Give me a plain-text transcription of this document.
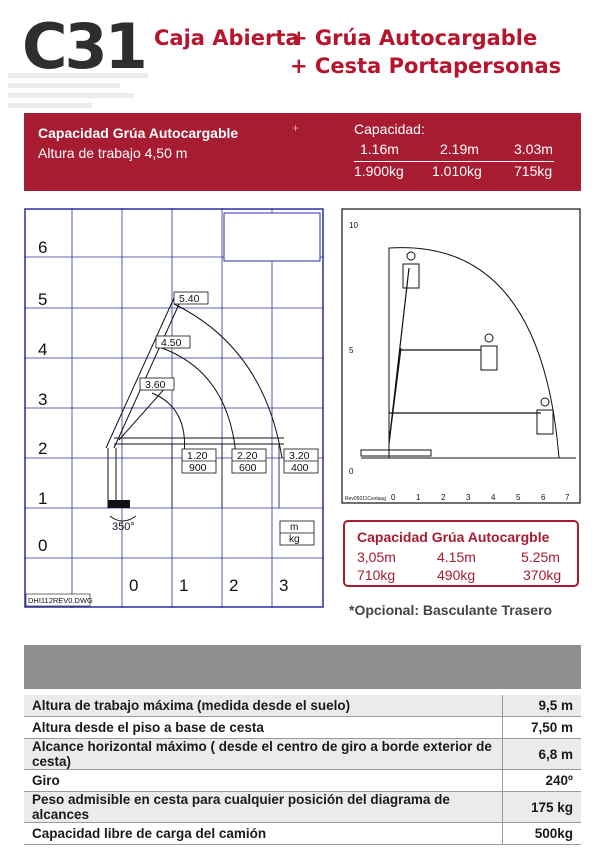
C31 Caja Abierta
+ Grúa Autocargable
+ Cesta Portapersonas
Capacidad Grúa Autocargable
Altura de trabajo 4,50 m
+	Capacidad:
1.16m	2.19m	3.03m
1.900kg 1.010kg 715kg
6
5
4
3
2
1
0
0 1 2 3
5.40
4.50
3.60
1.20
900
2.20
600
3.20
400
m
kg
350°
DHI112REV0.DWG
10
5
0
0	1	2	3	4	5	6 7
Rev05011Cestaug
Capacidad Grúa Autocargble
3,05m	4.15m	5.25m
710kg	490kg	370kg
*Opcional: Basculante Trasero
Altura de trabajo máxima (medida desde el suelo)	9,5 m
Altura desde el piso a base de cesta	7,50 m
Alcance horizontal máximo ( desde el centro de giro a borde exterior de cesta)	6,8 m
Giro	240º
Peso admisible en cesta para cualquier posición del diagrama de alcances	175 kg
Capacidad libre de carga del camión	500kg
